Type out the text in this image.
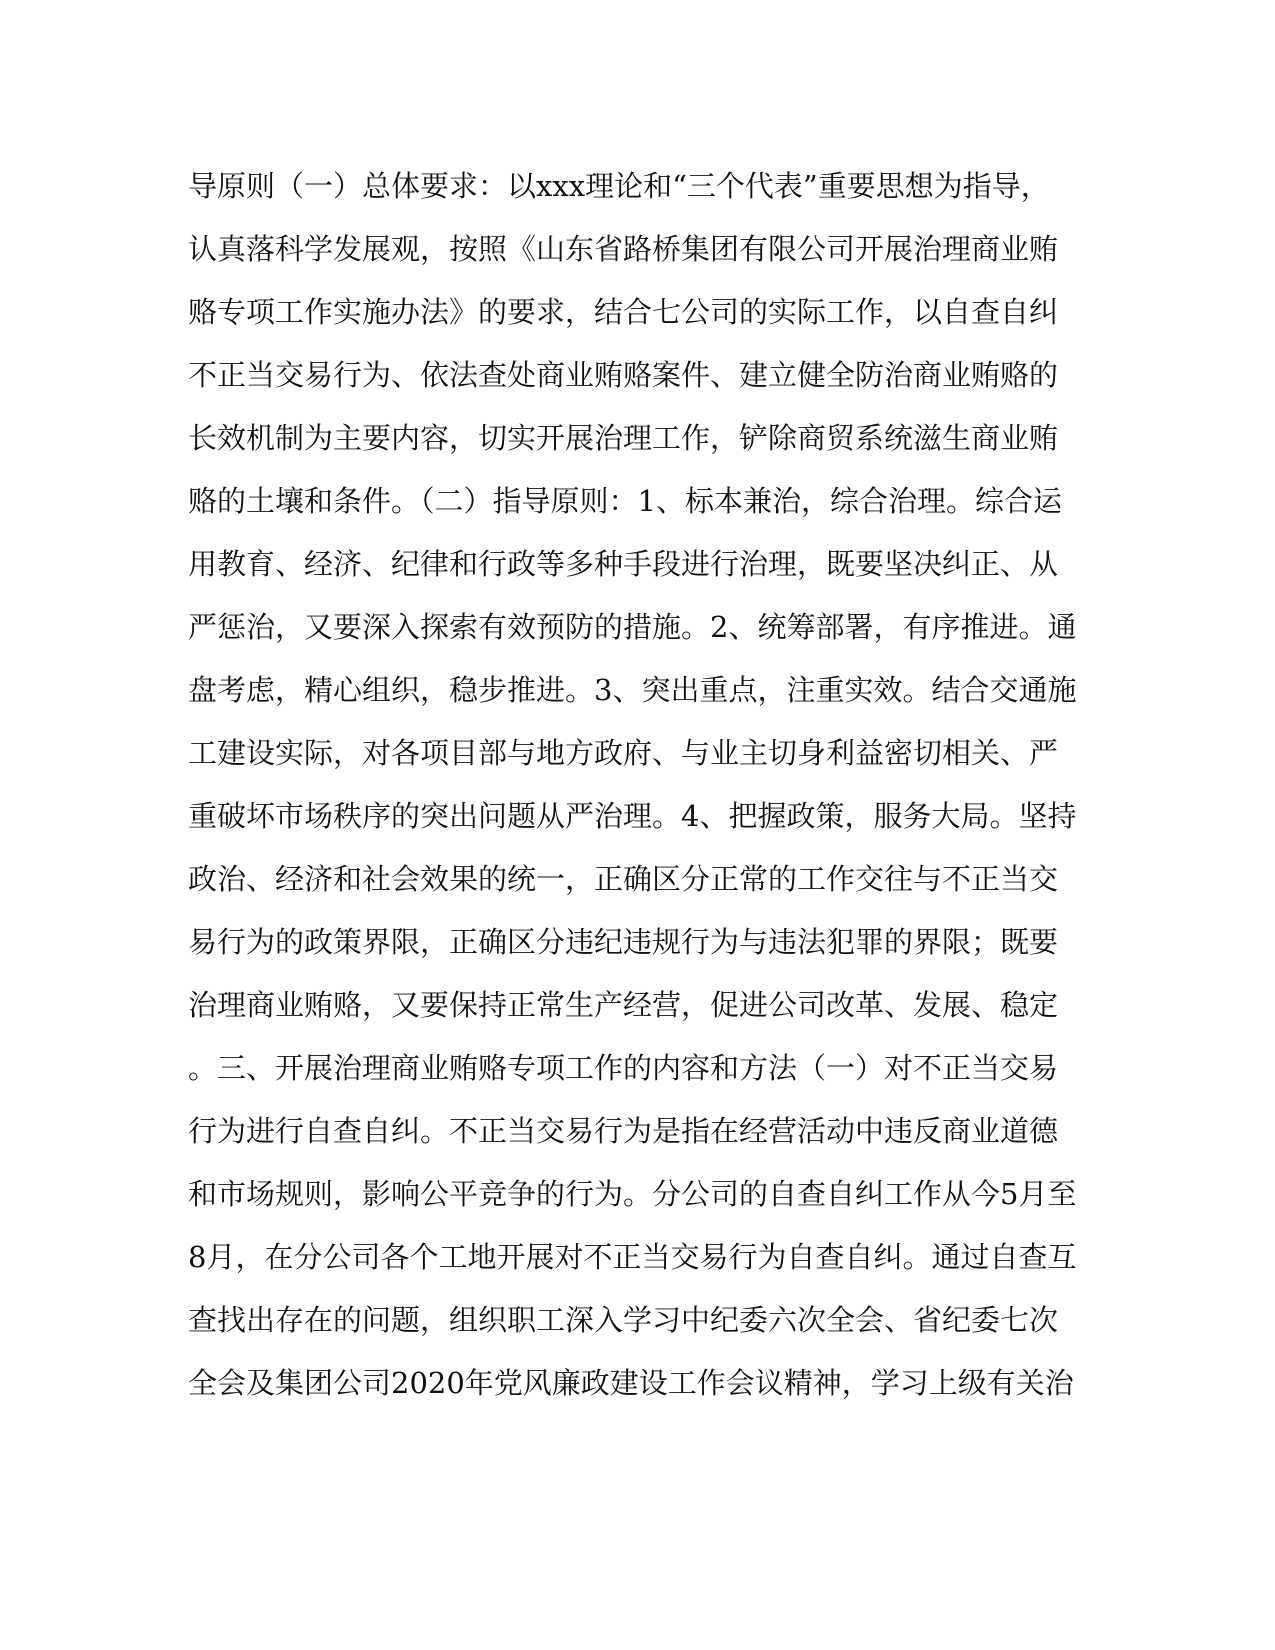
导原则（一）总体要求：以xxx理论和“三个代表”重要思想为指导，
认真落科学发展观，按照《山东省路桥集团有限公司开展治理商业贿
赂专项工作实施办法》的要求，结合七公司的实际工作，以自查自纠
不正当交易行为、依法查处商业贿赂案件、建立健全防治商业贿赂的
长效机制为主要内容，切实开展治理工作，铲除商贸系统滋生商业贿
赂的土壤和条件。（二）指导原则：1、标本兼治，综合治理。综合运
用教育、经济、纪律和行政等多种手段进行治理，既要坚决纠正、从
严惩治，又要深入探索有效预防的措施。2、统筹部署，有序推进。通
盘考虑，精心组织，稳步推进。3、突出重点，注重实效。结合交通施
工建设实际，对各项目部与地方政府、与业主切身利益密切相关、严
重破坏市场秩序的突出问题从严治理。4、把握政策，服务大局。坚持
政治、经济和社会效果的统一，正确区分正常的工作交往与不正当交
易行为的政策界限，正确区分违纪违规行为与违法犯罪的界限；既要
治理商业贿赂，又要保持正常生产经营，促进公司改革、发展、稳定
。三、开展治理商业贿赂专项工作的内容和方法（一）对不正当交易
行为进行自查自纠。不正当交易行为是指在经营活动中违反商业道德
和市场规则，影响公平竞争的行为。分公司的自查自纠工作从今5月至
8月，在分公司各个工地开展对不正当交易行为自查自纠。通过自查互
查找出存在的问题，组织职工深入学习中纪委六次全会、省纪委七次
全会及集团公司2020年党风廉政建设工作会议精神，学习上级有关治
